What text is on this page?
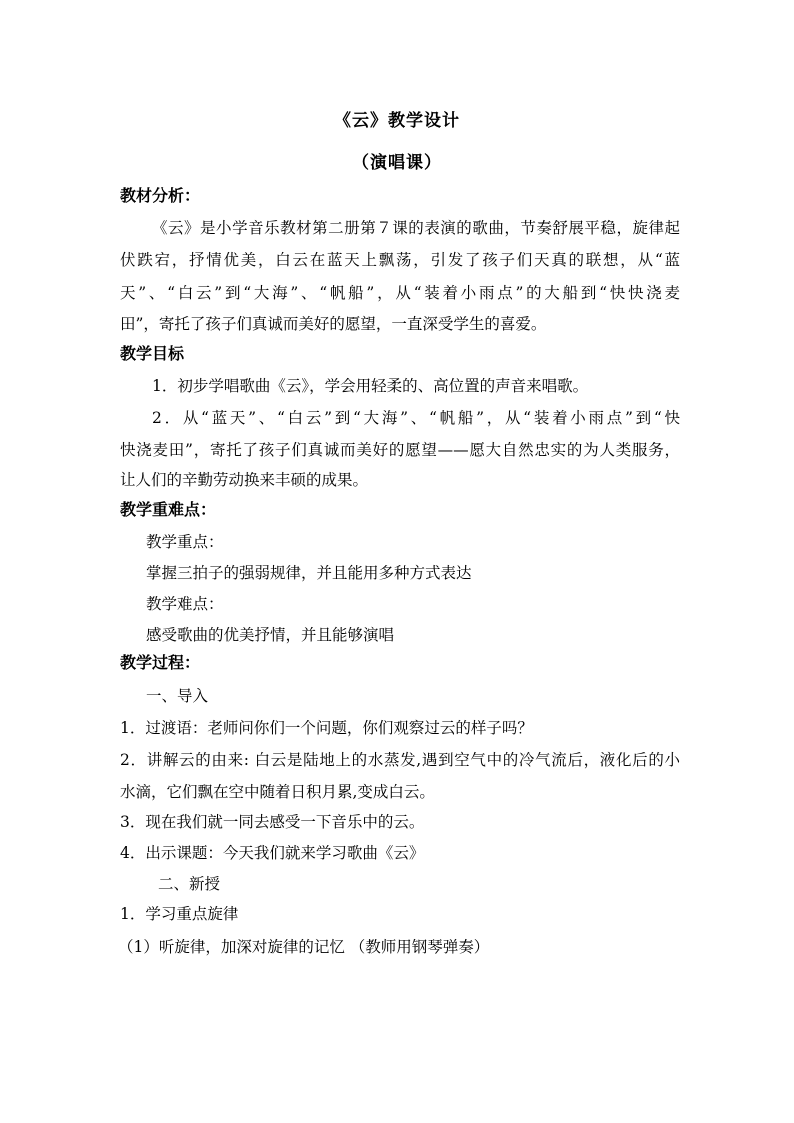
《云》教学设计
（演唱课）
教材分析：
《云》是小学音乐教材第二册第７课的表演的歌曲，节奏舒展平稳，旋律起
伏跌宕，抒情优美，白云在蓝天上飘荡，引发了孩子们天真的联想，从“蓝
天”、“白云”到“大海”、“帆船”，从“装着小雨点”的大船到“快快浇麦
田”，寄托了孩子们真诚而美好的愿望，一直深受学生的喜爱。
教学目标
1．初步学唱歌曲《云》，学会用轻柔的、高位置的声音来唱歌。
2．从“蓝天”、“白云”到“大海”、“帆船”，从“装着小雨点”到“快
快浇麦田”，寄托了孩子们真诚而美好的愿望——愿大自然忠实的为人类服务，
让人们的辛勤劳动换来丰硕的成果。
教学重难点：
教学重点：
掌握三拍子的强弱规律，并且能用多种方式表达
教学难点：
感受歌曲的优美抒情，并且能够演唱
教学过程：
一、导入
1．过渡语：老师问你们一个问题，你们观察过云的样子吗？
2．讲解云的由来: 白云是陆地上的水蒸发,遇到空气中的冷气流后，液化后的小
水滴，它们飘在空中随着日积月累,变成白云。
3．现在我们就一同去感受一下音乐中的云。
4．出示课题：今天我们就来学习歌曲《云》
二、新授
1．学习重点旋律
（1）听旋律，加深对旋律的记忆 （教师用钢琴弹奏）
